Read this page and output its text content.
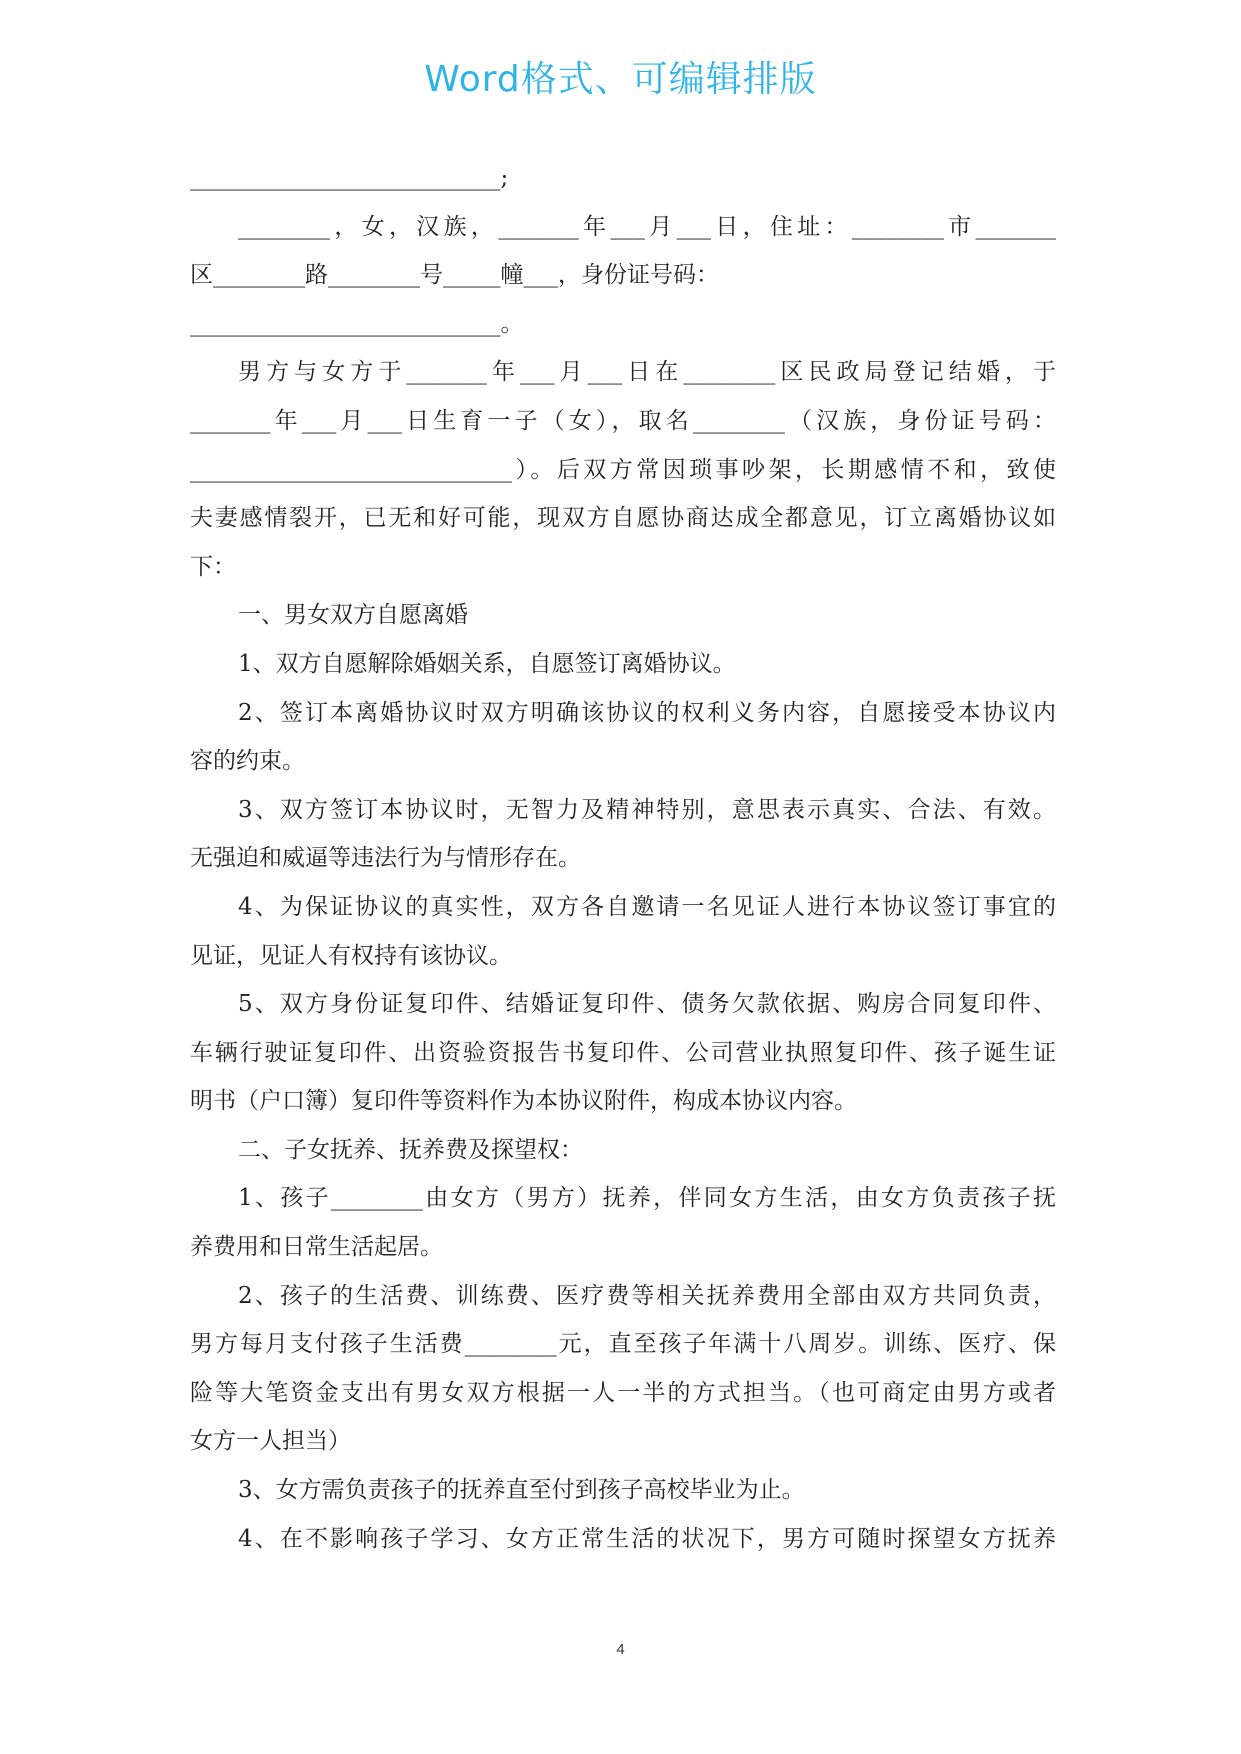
Word格式、可编辑排版
___________________________;
________，女，汉族，_______年___月___日，住址：________市_______
区________路________号_____幢___，身份证号码：
___________________________。
男方与女方于_______年___月___日在________区民政局登记结婚，于
_______年___月___日生育一子（女），取名________（汉族，身份证号码：
____________________________）。后双方常因琐事吵架，长期感情不和，致使
夫妻感情裂开，已无和好可能，现双方自愿协商达成全都意见，订立离婚协议如
下：
一、男女双方自愿离婚
1、双方自愿解除婚姻关系，自愿签订离婚协议。
2、签订本离婚协议时双方明确该协议的权利义务内容，自愿接受本协议内
容的约束。
3、双方签订本协议时，无智力及精神特别，意思表示真实、合法、有效。
无强迫和威逼等违法行为与情形存在。
4、为保证协议的真实性，双方各自邀请一名见证人进行本协议签订事宜的
见证，见证人有权持有该协议。
5、双方身份证复印件、结婚证复印件、债务欠款依据、购房合同复印件、
车辆行驶证复印件、出资验资报告书复印件、公司营业执照复印件、孩子诞生证
明书（户口簿）复印件等资料作为本协议附件，构成本协议内容。
二、子女抚养、抚养费及探望权：
1、孩子________由女方（男方）抚养，伴同女方生活，由女方负责孩子抚
养费用和日常生活起居。
2、孩子的生活费、训练费、医疗费等相关抚养费用全部由双方共同负责，
男方每月支付孩子生活费________元，直至孩子年满十八周岁。训练、医疗、保
险等大笔资金支出有男女双方根据一人一半的方式担当。（也可商定由男方或者
女方一人担当）
3、女方需负责孩子的抚养直至付到孩子高校毕业为止。
4、在不影响孩子学习、女方正常生活的状况下，男方可随时探望女方抚养
4
